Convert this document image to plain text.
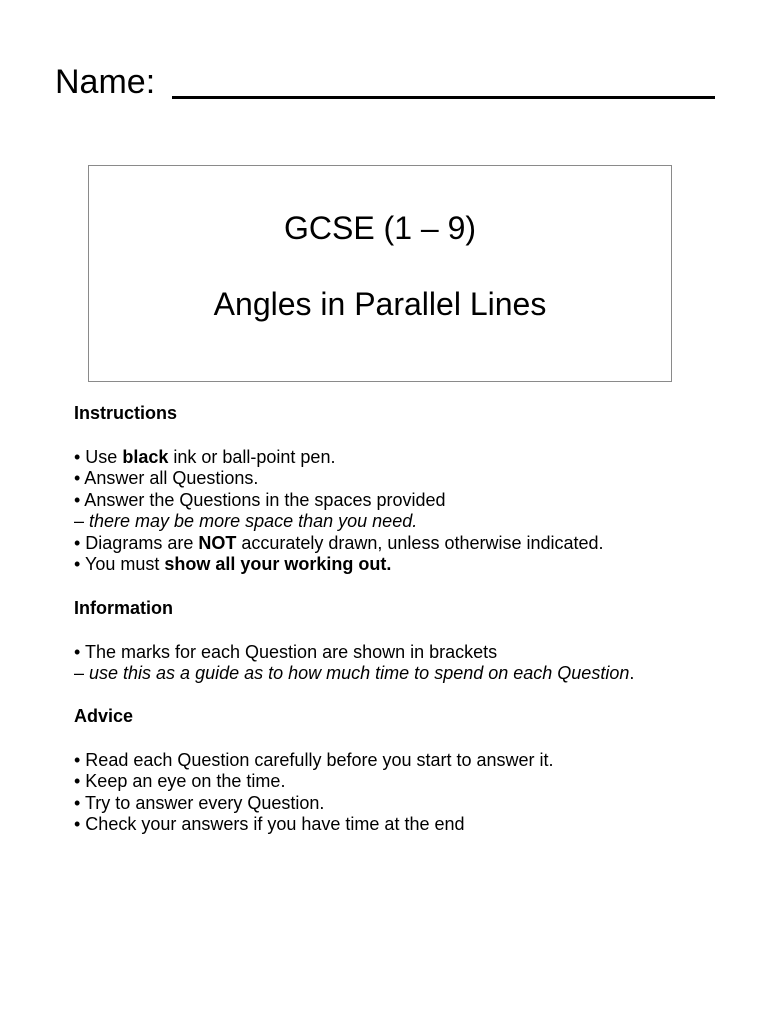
Name:
GCSE (1 – 9)
Angles in Parallel Lines
Instructions
• Use black ink or ball-point pen.
• Answer all Questions.
• Answer the Questions in the spaces provided
– there may be more space than you need.
• Diagrams are NOT accurately drawn, unless otherwise indicated.
• You must show all your working out.
Information
• The marks for each Question are shown in brackets
– use this as a guide as to how much time to spend on each Question.
Advice
• Read each Question carefully before you start to answer it.
• Keep an eye on the time.
• Try to answer every Question.
• Check your answers if you have time at the end
